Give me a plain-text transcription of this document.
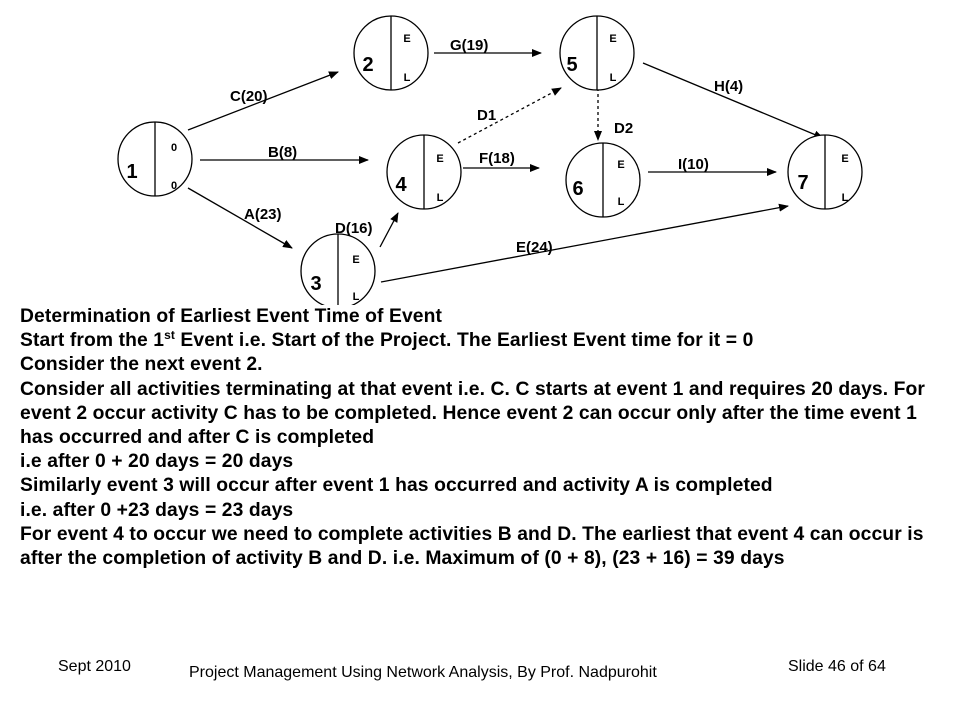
C(20)
B(8)
A(23)
G(19)
D(16)
E(24)
F(18)
D1
D2
H(4)
I(10)
1
0
0
2
E
L
5
E
L
4
E
L	6
E
L
7
E
L
3
E
L

Determination of Earliest Event Time of Event

Start from the 1st Event i.e. Start of the Project. The Earliest Event time for it = 0

Consider the next event 2.

Consider all activities terminating at that event i.e. C. C starts at event 1 and requires 20 days. For event 2 occur activity C has to be completed. Hence event 2 can occur only after the time event 1 has occurred and after C is completed

i.e after 0 + 20 days = 20 days

Similarly event 3 will occur after event 1 has occurred and activity A is completed

i.e. after 0 +23 days = 23 days

For event 4 to occur we need to complete activities B and D. The earliest that event 4 can occur is after the completion of activity B and D. i.e. Maximum of (0 + 8), (23 + 16) = 39 days

Sept 2010	Project Management Using Network Analysis, By Prof. Nadpurohit	Slide 46 of 64
